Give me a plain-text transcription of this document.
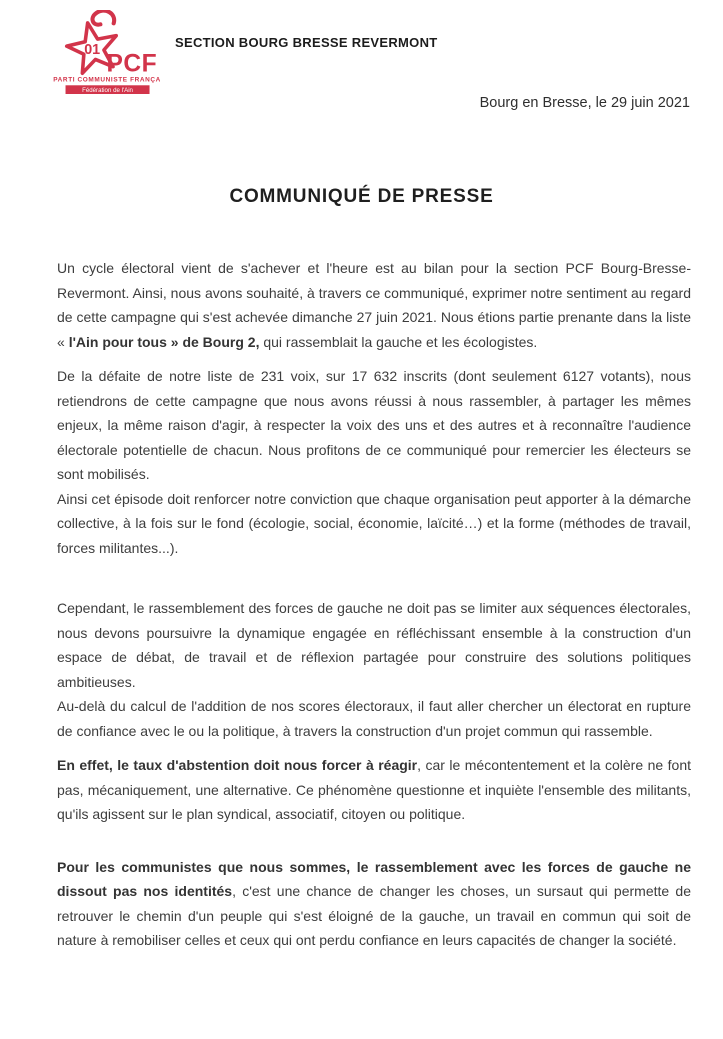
01
PCF
PARTI COMMUNISTE FRANÇAIS
Fédération de l'Ain
SECTION BOURG BRESSE REVERMONT
Bourg en Bresse, le 29 juin 2021
COMMUNIQUÉ DE PRESSE

Un cycle électoral vient de s'achever et l'heure est au bilan pour la section PCF Bourg-Bresse-Revermont. Ainsi, nous avons souhaité, à travers ce communiqué, exprimer notre sentiment au regard de cette campagne qui s'est achevée dimanche 27 juin 2021. Nous étions partie prenante dans la liste « l'Ain pour tous » de Bourg 2, qui rassemblait la gauche et les écologistes.

De la défaite de notre liste de 231 voix, sur 17 632 inscrits (dont seulement 6127 votants), nous retiendrons de cette campagne que nous avons réussi à nous rassembler, à partager les mêmes enjeux, la même raison d'agir, à respecter la voix des uns et des autres et à reconnaître l'audience électorale potentielle de chacun. Nous profitons de ce communiqué pour remercier les électeurs se sont mobilisés.

Ainsi cet épisode doit renforcer notre conviction que chaque organisation peut apporter à la démarche collective, à la fois sur le fond (écologie, social, économie, laïcité…) et la forme (méthodes de travail, forces militantes...).

Cependant, le rassemblement des forces de gauche ne doit pas se limiter aux séquences électorales, nous devons poursuivre la dynamique engagée en réfléchissant ensemble à la construction d'un espace de débat, de travail et de réflexion partagée pour construire des solutions politiques ambitieuses.

Au-delà du calcul de l'addition de nos scores électoraux, il faut aller chercher un électorat en rupture de confiance avec le ou la politique, à travers la construction d'un projet commun qui rassemble.

En effet, le taux d'abstention doit nous forcer à réagir, car le mécontentement et la colère ne font pas, mécaniquement, une alternative. Ce phénomène questionne et inquiète l'ensemble des militants, qu'ils agissent sur le plan syndical, associatif, citoyen ou politique.

Pour les communistes que nous sommes, le rassemblement avec les forces de gauche ne dissout pas nos identités, c'est une chance de changer les choses, un sursaut qui permette de retrouver le chemin d'un peuple qui s'est éloigné de la gauche, un travail en commun qui soit de nature à remobiliser celles et ceux qui ont perdu confiance en leurs capacités de changer la société.
